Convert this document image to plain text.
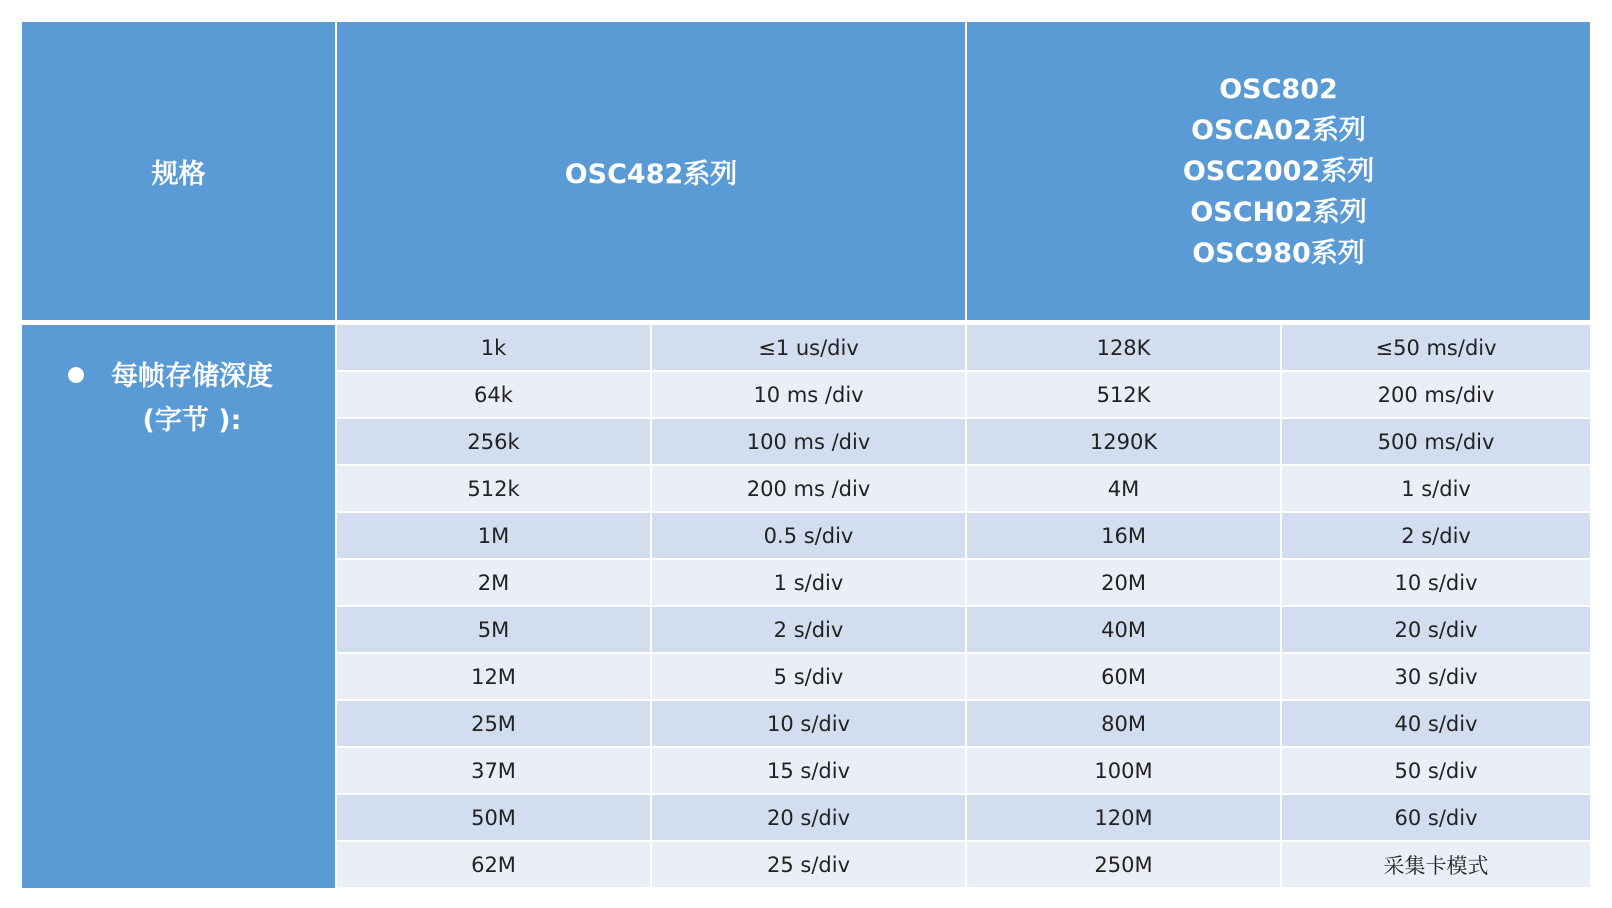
规格	OSC482系列		OSC802
OSCA02系列
OSC2002系列
OSCH02系列
OSC980系列	

每帧存储深度
(字节 ):	1k	≤1 us/div	128K	≤50 ms/div
	64k	10 ms /div	512K	200 ms/div
	256k	100 ms /div	1290K	500 ms/div
	512k	200 ms /div	4M	1 s/div
	1M	0.5 s/div	16M	2 s/div
	2M	1 s/div	20M	10 s/div
	5M	2 s/div	40M	20 s/div
	12M	5 s/div	60M	30 s/div
	25M	10 s/div	80M	40 s/div
	37M	15 s/div	100M	50 s/div
	50M	20 s/div	120M	60 s/div
	62M	25 s/div	250M	采集卡模式
